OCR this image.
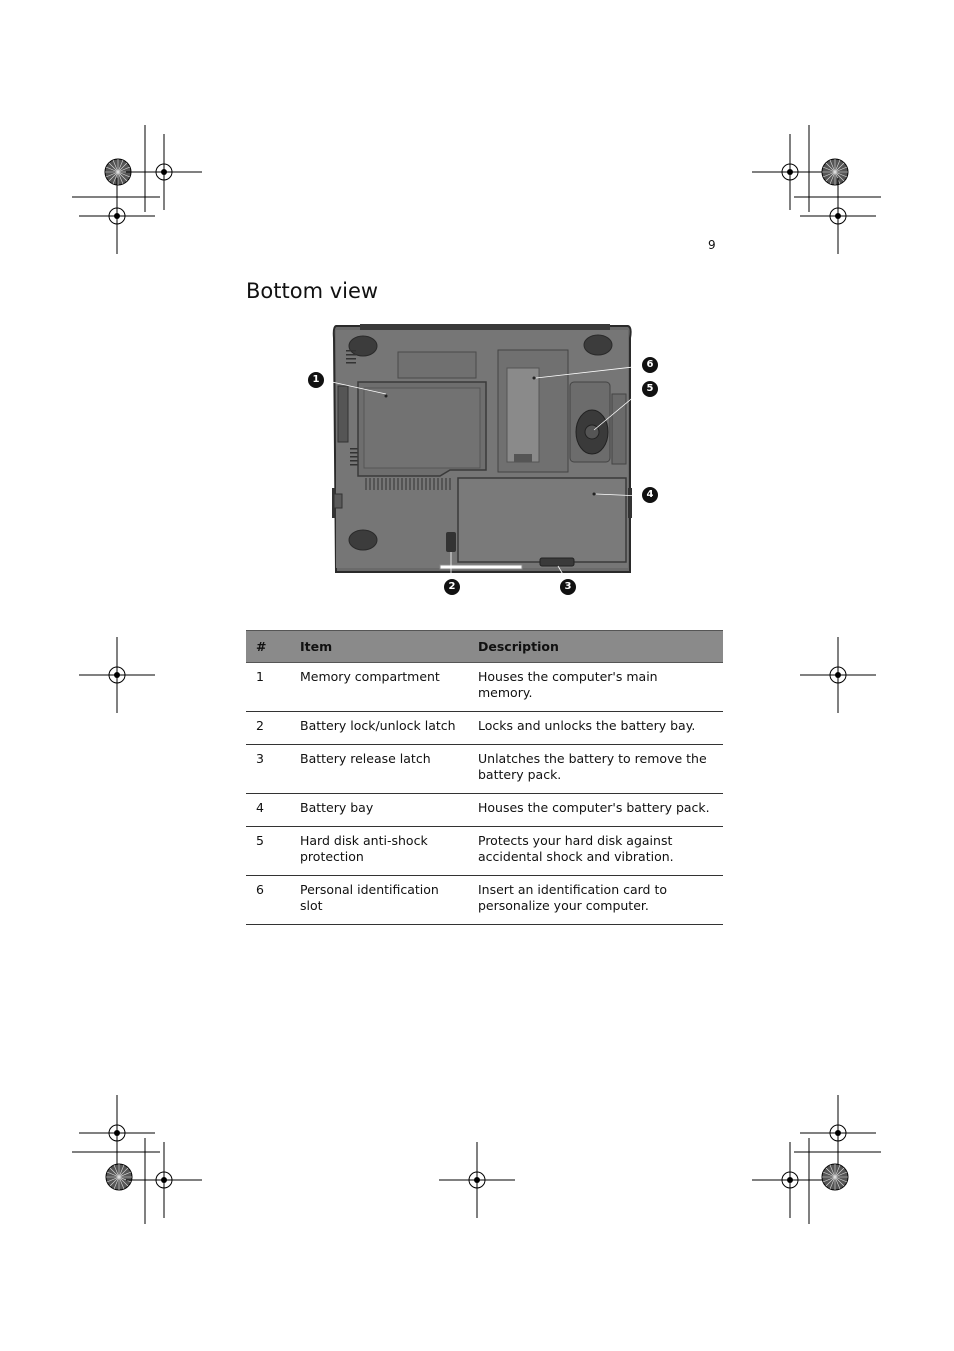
9
Bottom view
1
6
5
4
2	3
#	Item	Description
1	Memory compartment	Houses the computer's main memory.
2	Battery lock/unlock latch	Locks and unlocks the battery bay.
3	Battery release latch	Unlatches the battery to remove the battery pack.
4	Battery bay	Houses the computer's battery pack.
5	Hard disk anti-shock protection	Protects your hard disk against accidental shock and vibration.
6	Personal identification slot	Insert an identification card to personalize your computer.
